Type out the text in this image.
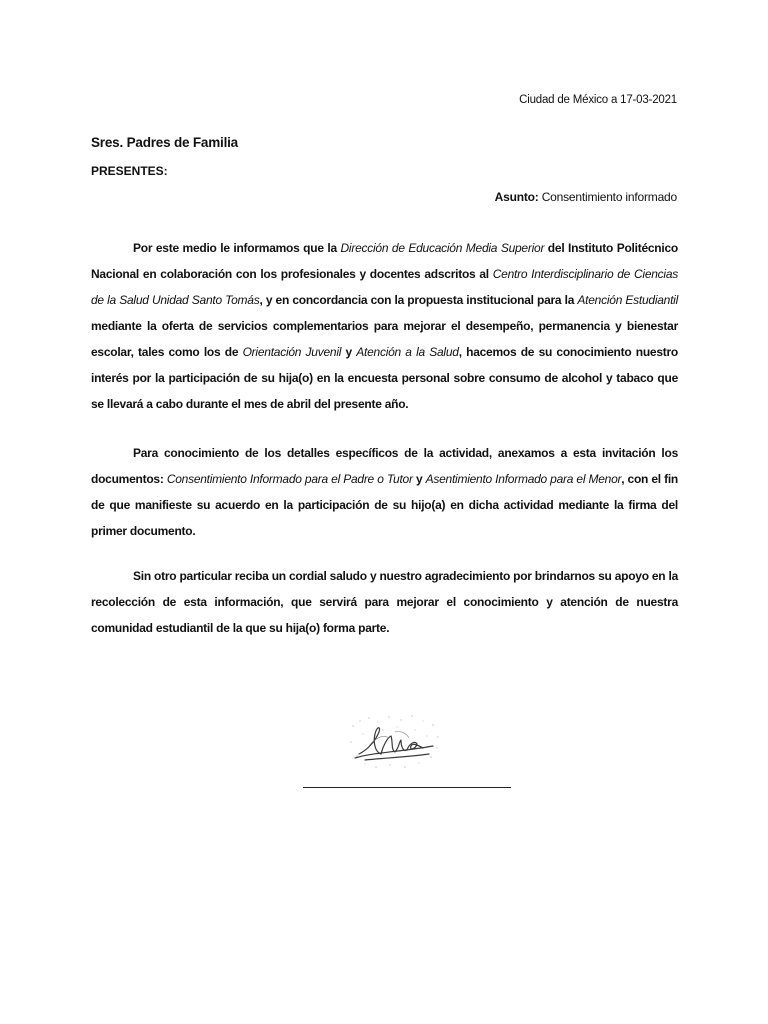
Ciudad de México a 17-03-2021
Sres. Padres de Familia
PRESENTES:
Asunto: Consentimiento informado
Por este medio le informamos que la Dirección de Educación Media Superior del Instituto Politécnico Nacional en colaboración con los profesionales y docentes adscritos al Centro Interdisciplinario de Ciencias de la Salud Unidad Santo Tomás, y en concordancia con la propuesta institucional para la Atención Estudiantil mediante la oferta de servicios complementarios para mejorar el desempeño, permanencia y bienestar escolar, tales como los de Orientación Juvenil y Atención a la Salud, hacemos de su conocimiento nuestro interés por la participación de su hija(o) en la encuesta personal sobre consumo de alcohol y tabaco que se llevará a cabo durante el mes de abril del presente año.
Para conocimiento de los detalles específicos de la actividad, anexamos a esta invitación los documentos: Consentimiento Informado para el Padre o Tutor y Asentimiento Informado para el Menor, con el fin de que manifieste su acuerdo en la participación de su hijo(a) en dicha actividad mediante la firma del primer documento.
Sin otro particular reciba un cordial saludo y nuestro agradecimiento por brindarnos su apoyo en la recolección de esta información, que servirá para mejorar el conocimiento y atención de nuestra comunidad estudiantil de la que su hija(o) forma parte.
